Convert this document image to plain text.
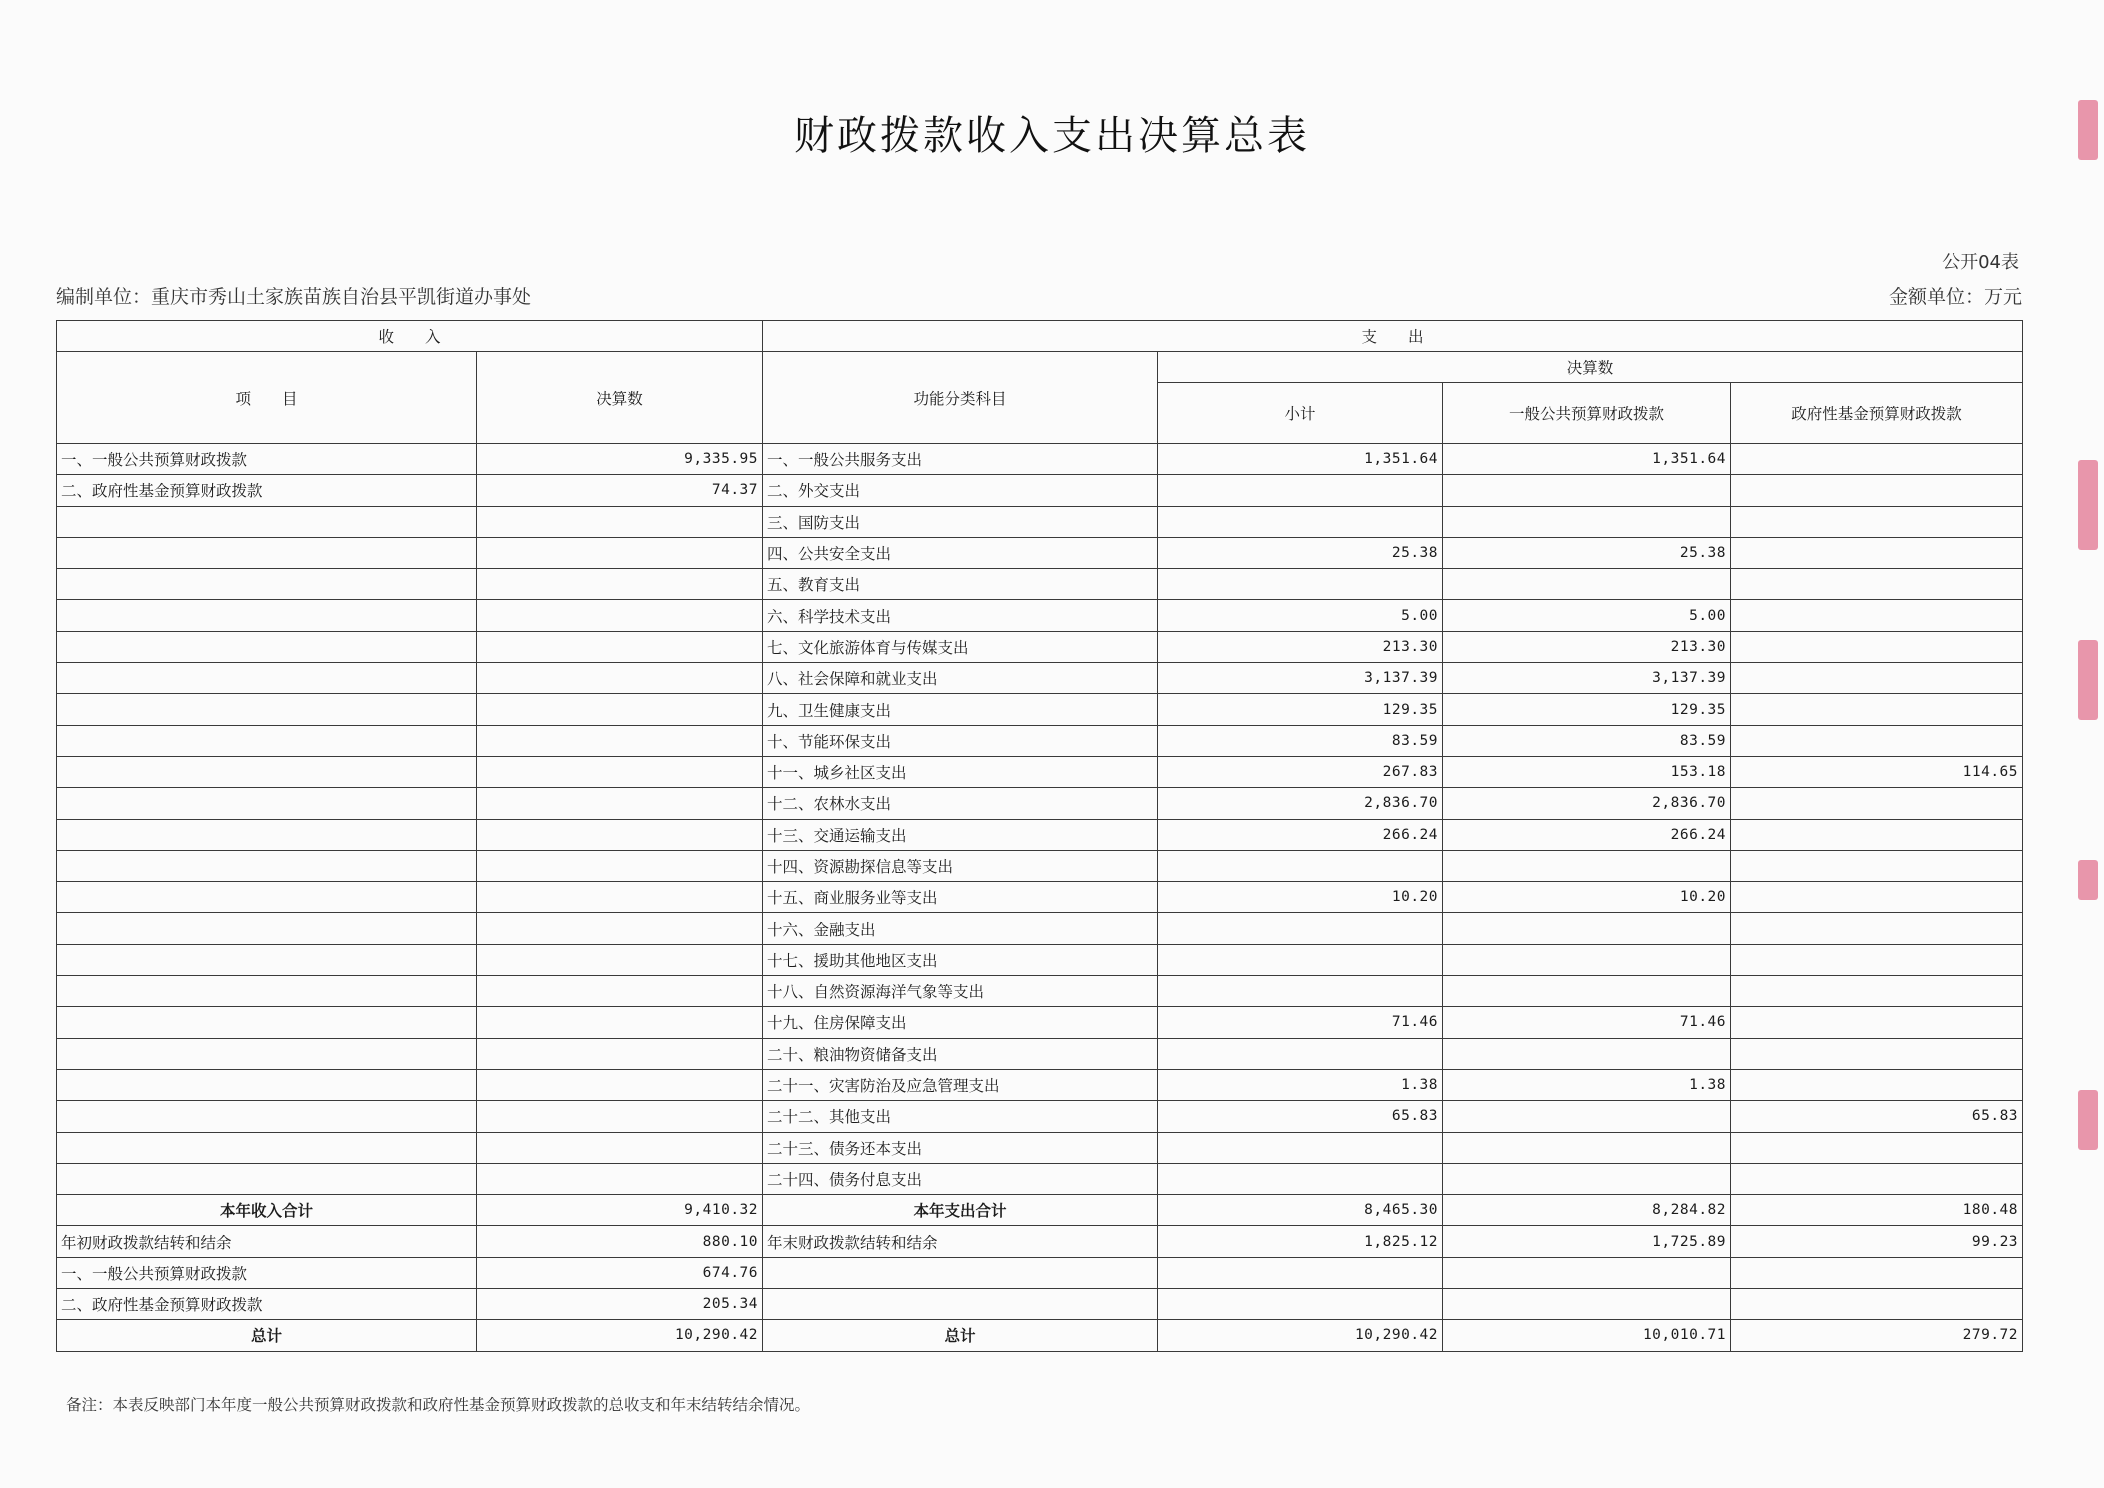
财政拨款收入支出决算总表
公开04表
编制单位：重庆市秀山土家族苗族自治县平凯街道办事处	金额单位：万元
收　　入		支　　出			
项　　目	决算数	功能分类科目	决算数		
			小计	一般公共预算财政拨款	政府性基金预算财政拨款
一、一般公共预算财政拨款	9,335.95	一、一般公共服务支出	1,351.64	1,351.64	
二、政府性基金预算财政拨款	74.37	二、外交支出			
		三、国防支出			
		四、公共安全支出	25.38	25.38	
		五、教育支出			
		六、科学技术支出	5.00	5.00	
		七、文化旅游体育与传媒支出	213.30	213.30	
		八、社会保障和就业支出	3,137.39	3,137.39	
		九、卫生健康支出	129.35	129.35	
		十、节能环保支出	83.59	83.59	
		十一、城乡社区支出	267.83	153.18	114.65
		十二、农林水支出	2,836.70	2,836.70	
		十三、交通运输支出	266.24	266.24	
		十四、资源勘探信息等支出			
		十五、商业服务业等支出	10.20	10.20	
		十六、金融支出			
		十七、援助其他地区支出			
		十八、自然资源海洋气象等支出			
		十九、住房保障支出	71.46	71.46	
		二十、粮油物资储备支出			
		二十一、灾害防治及应急管理支出	1.38	1.38	
		二十二、其他支出	65.83		65.83
		二十三、债务还本支出			
		二十四、债务付息支出			
本年收入合计	9,410.32	本年支出合计	8,465.30	8,284.82	180.48
年初财政拨款结转和结余	880.10	年末财政拨款结转和结余	1,825.12	1,725.89	99.23
一、一般公共预算财政拨款	674.76				
二、政府性基金预算财政拨款	205.34				
总计	10,290.42	总计	10,290.42	10,010.71	279.72
备注：本表反映部门本年度一般公共预算财政拨款和政府性基金预算财政拨款的总收支和年末结转结余情况。
